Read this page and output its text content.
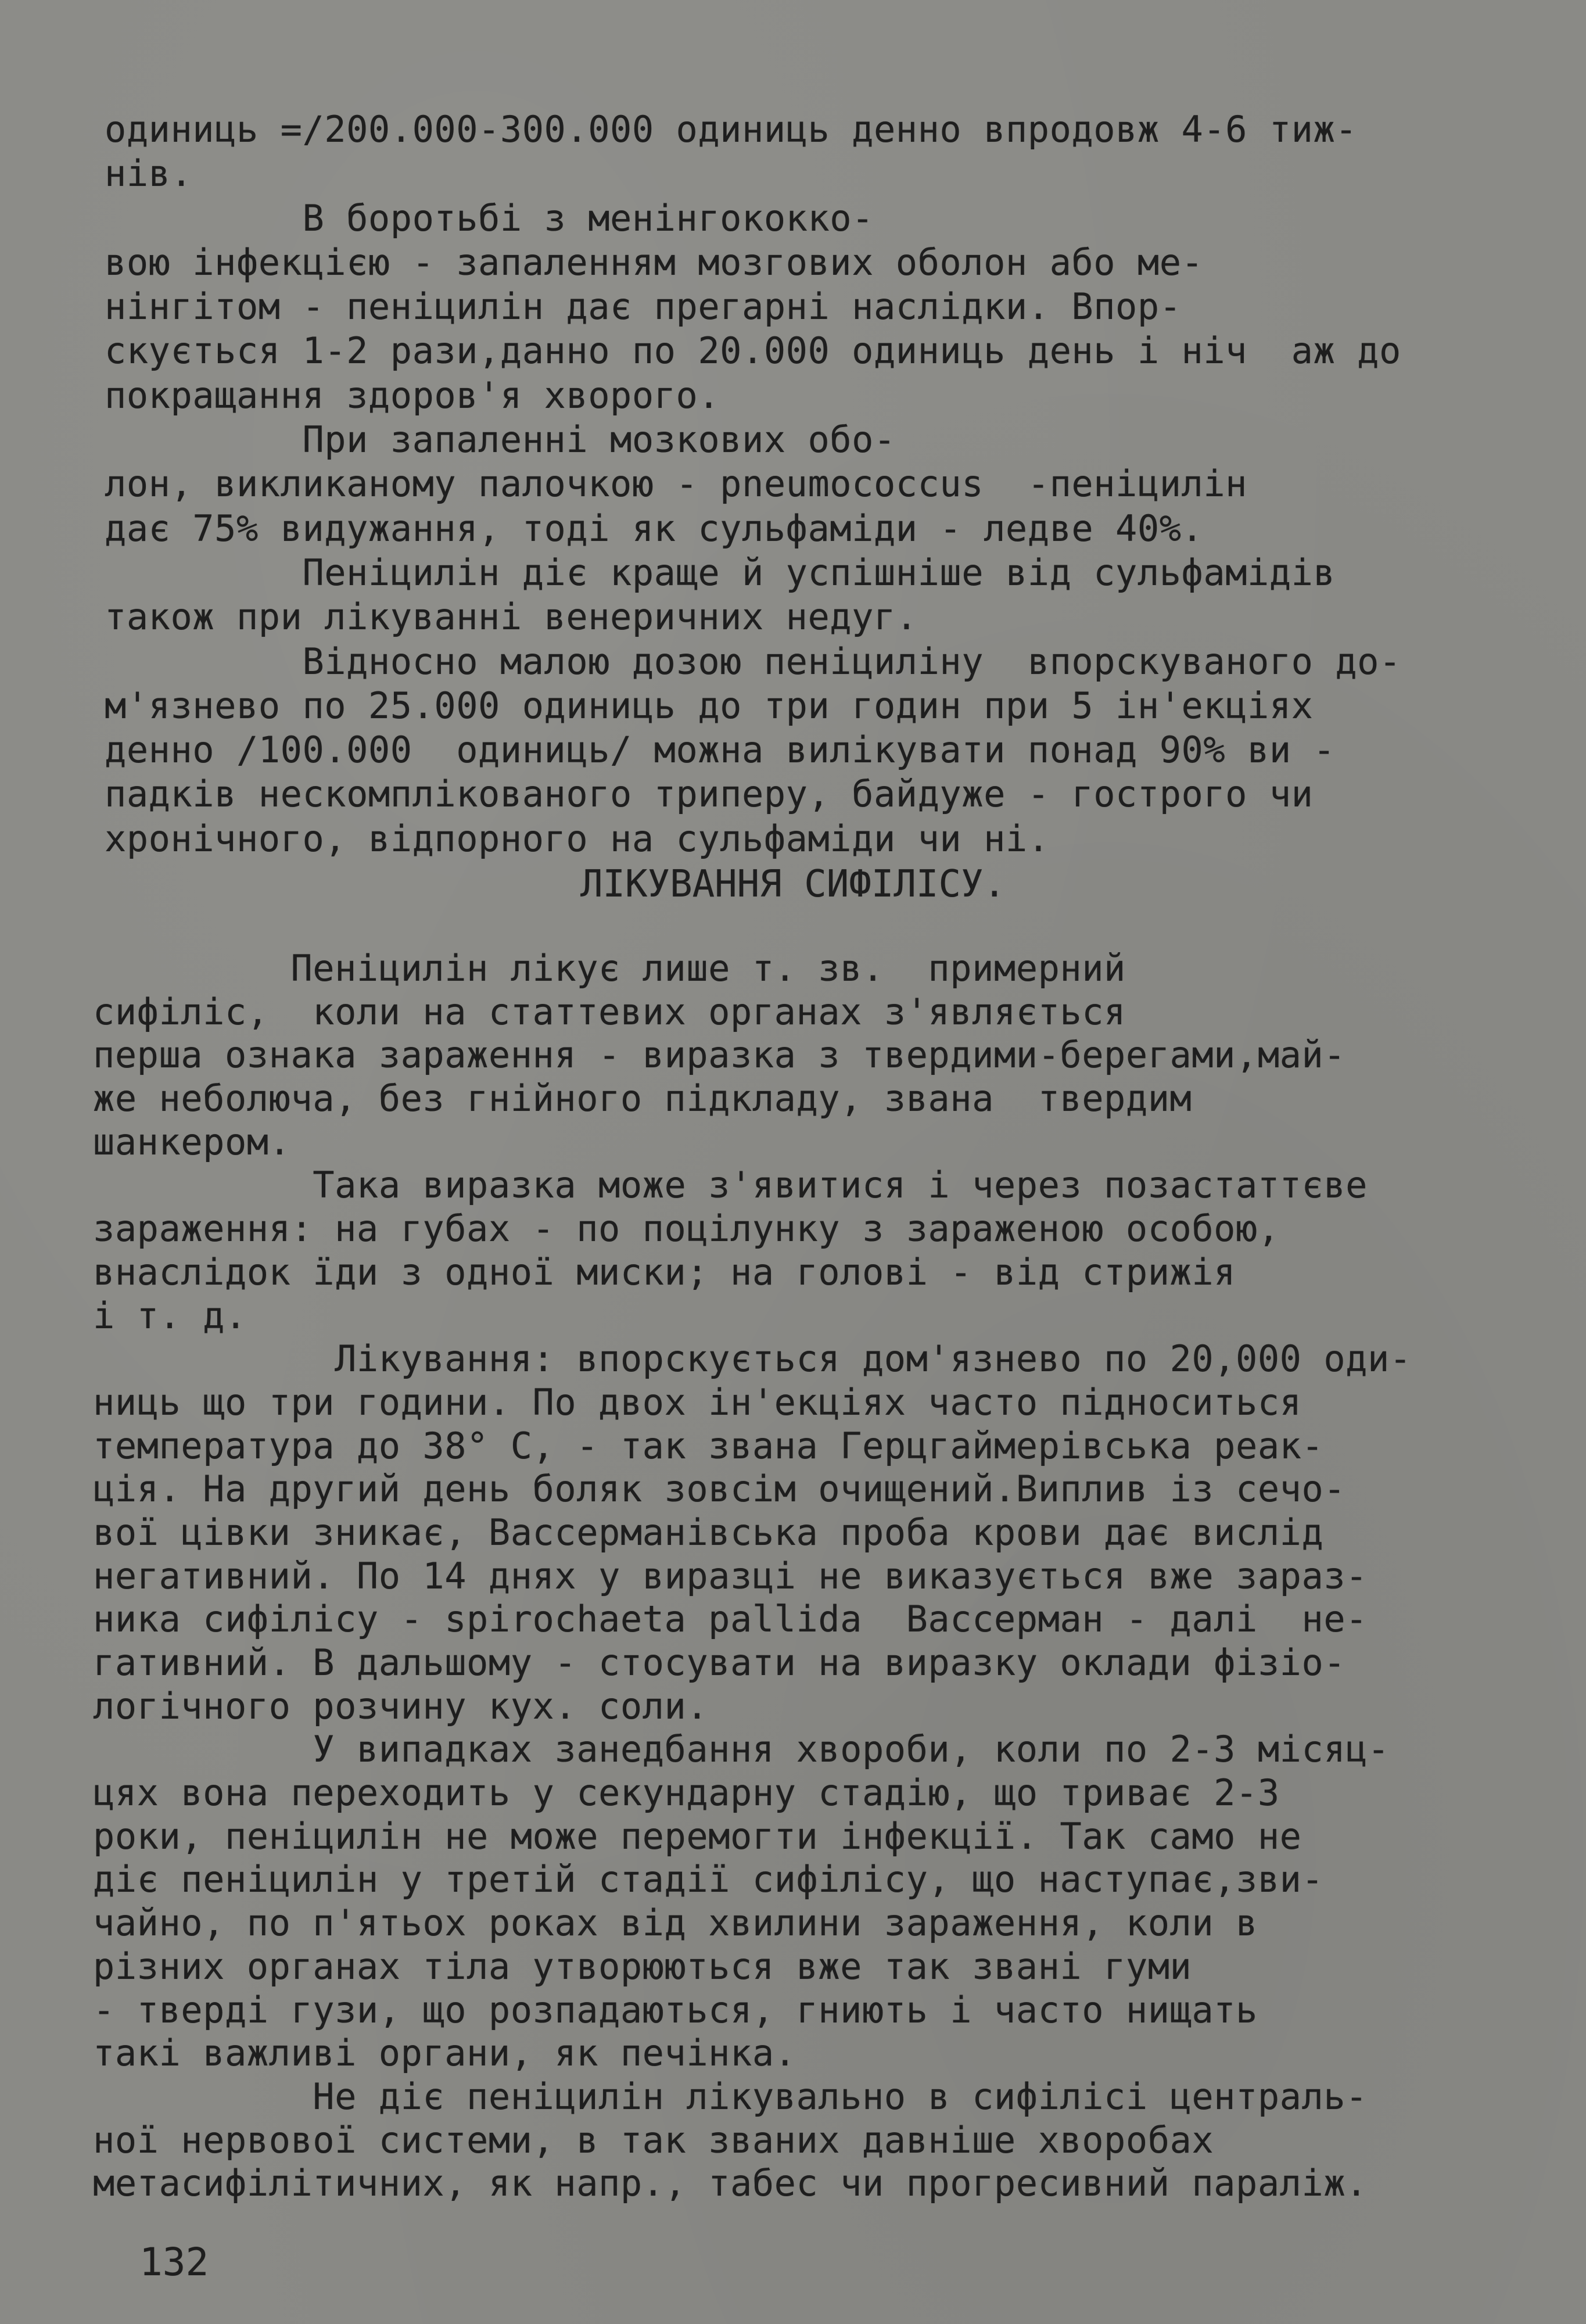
одиниць =/200.000-300.000 одиниць денно впродовж 4-6 тиж-
нів.
В боротьбі з менінгококко-
вою інфекцією - запаленням мозгових оболон або ме-
нінгітом - пеніцилін дає прегарні наслідки. Впор-
скується 1-2 рази,данно по 20.000 одиниць день і ніч  аж до
покращання здоров'я хворого.
При запаленні мозкових обо-
лон, викликаному палочкою - pneumococcus  -пеніцилін
дає 75% видужання, тоді як сульфаміди - ледве 40%.
Пеніцилін діє краще й успішніше від сульфамідів
також при лікуванні венеричних недуг.
Відносно малою дозою пеніциліну  впорскуваного до-
м'язнево по 25.000 одиниць до три годин при 5 ін'екціях
денно /100.000  одиниць/ можна вилікувати понад 90% ви -
падків нескомплікованого триперу, байдуже - гострого чи
хронічного, відпорного на сульфаміди чи ні.
ЛІКУВАННЯ СИФІЛІСУ.
Пеніцилін лікує лише т. зв.  примерний
сифіліс,  коли на статтевих органах з'являється
перша ознака зараження - виразка з твердими-берегами,май-
же неболюча, без гнійного підкладу, звана  твердим
шанкером.
Така виразка може з'явитися і через позастаттєве
зараження: на губах - по поцілунку з зараженою особою,
внаслідок їди з одної миски; на голові - від стрижія
і т. д.
Лікування: впорскується дом'язнево по 20,000 оди-
ниць що три години. По двох ін'екціях часто підноситься
температура до 38° С, - так звана Герцгаймерівська реак-
ція. На другий день боляк зовсім очищений.Виплив із сечо-
вої цівки зникає, Вассерманівська проба крови дає вислід
негативний. По 14 днях у виразці не виказується вже зараз-
ника сифілісу - spirochaeta pallida  Вассерман - далі  не-
гативний. В дальшому - стосувати на виразку оклади фізіо-
логічного розчину кух. соли.
У випадках занедбання хвороби, коли по 2-3 місяц-
цях вона переходить у секундарну стадію, що триває 2-3
роки, пеніцилін не може перемогти інфекції. Так само не
діє пеніцилін у третій стадії сифілісу, що наступає,зви-
чайно, по п'ятьох роках від хвилини зараження, коли в
різних органах тіла утворюються вже так звані гуми
- тверді гузи, що розпадаються, гниють і часто нищать
такі важливі органи, як печінка.
Не діє пеніцилін лікувально в сифілісі централь-
ної нервової системи, в так званих давніше хворобах
метасифілітичних, як напр., табес чи прогресивний параліж.
132
